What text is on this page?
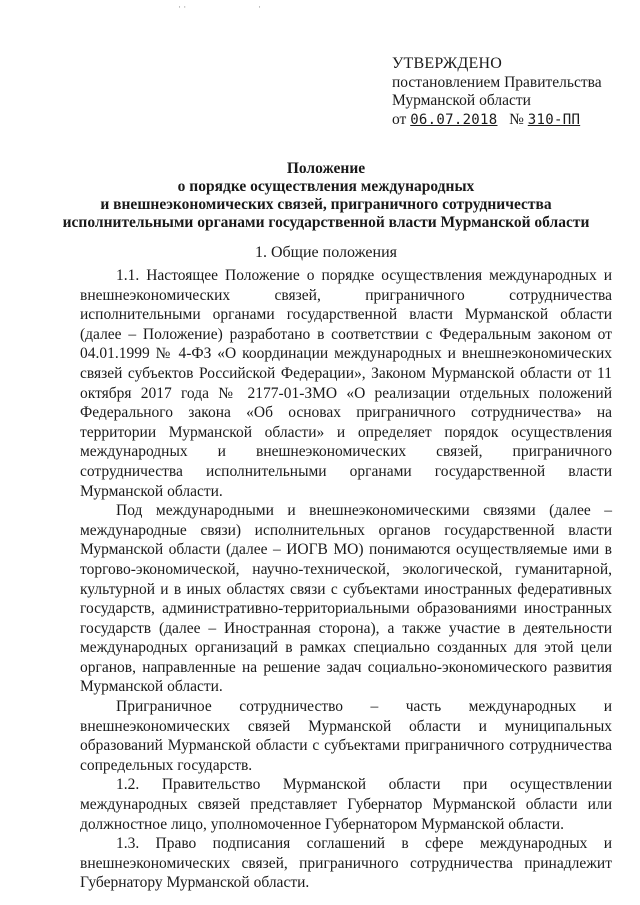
· ·	·
УТВЕРЖДЕНО
постановлением Правительства
Мурманской области
от 06.07.2018 № 310-ПП
Положение
о порядке осуществления международных
и внешнеэкономических связей, приграничного сотрудничества
исполнительными органами государственной власти Мурманской области
1. Общие положения

1.1. Настоящее Положение о порядке осуществления международных и внешнеэкономических связей, приграничного сотрудничества исполнительными органами государственной власти Мурманской области (далее – Положение) разработано в соответствии с Федеральным законом от 04.01.1999 № 4-ФЗ «О координации международных и внешнеэкономических связей субъектов Российской Федерации», Законом Мурманской области от 11 октября 2017 года № 2177-01-ЗМО «О реализации отдельных положений Федерального закона «Об основах приграничного сотрудничества» на территории Мурманской области» и определяет порядок осуществления международных и внешнеэкономических связей, приграничного сотрудничества исполнительными органами государственной власти Мурманской области.

Под международными и внешнеэкономическими связями (далее – международные связи) исполнительных органов государственной власти Мурманской области (далее – ИОГВ МО) понимаются осуществляемые ими в торгово-экономической, научно-технической, экологической, гуманитарной, культурной и в иных областях связи с субъектами иностранных федеративных государств, административно-территориальными образованиями иностранных государств (далее – Иностранная сторона), а также участие в деятельности международных организаций в рамках специально созданных для этой цели органов, направленные на решение задач социально-экономического развития Мурманской области.

Приграничное сотрудничество – часть международных и внешнеэкономических связей Мурманской области и муниципальных образований Мурманской области с субъектами приграничного сотрудничества сопредельных государств.

1.2. Правительство Мурманской области при осуществлении международных связей представляет Губернатор Мурманской области или должностное лицо, уполномоченное Губернатором Мурманской области.

1.3. Право подписания соглашений в сфере международных и внешнеэкономических связей, приграничного сотрудничества принадлежит Губернатору Мурманской области.
